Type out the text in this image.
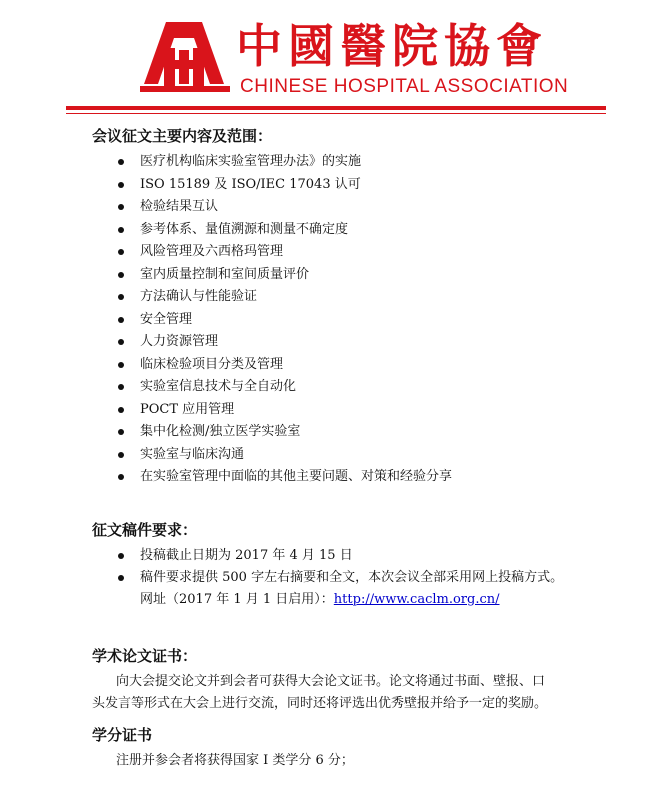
中國醫院協會
CHINESE HOSPITAL ASSOCIATION
会议征文主要内容及范围：
医疗机构临床实验室管理办法》的实施
ISO 15189 及 ISO/IEC 17043 认可
检验结果互认
参考体系、量值溯源和测量不确定度
风险管理及六西格玛管理
室内质量控制和室间质量评价
方法确认与性能验证
安全管理
人力资源管理
临床检验项目分类及管理
实验室信息技术与全自动化
POCT 应用管理
集中化检测/独立医学实验室
实验室与临床沟通
在实验室管理中面临的其他主要问题、对策和经验分享
征文稿件要求：
投稿截止日期为 2017 年 4 月 15 日
稿件要求提供 500 字左右摘要和全文，本次会议全部采用网上投稿方式。
网址（2017 年 1 月 1 日启用）：http://www.caclm.org.cn/
学术论文证书：
向大会提交论文并到会者可获得大会论文证书。论文将通过书面、壁报、口
头发言等形式在大会上进行交流，同时还将评选出优秀壁报并给予一定的奖励。
学分证书
注册并参会者将获得国家 I 类学分 6 分；
